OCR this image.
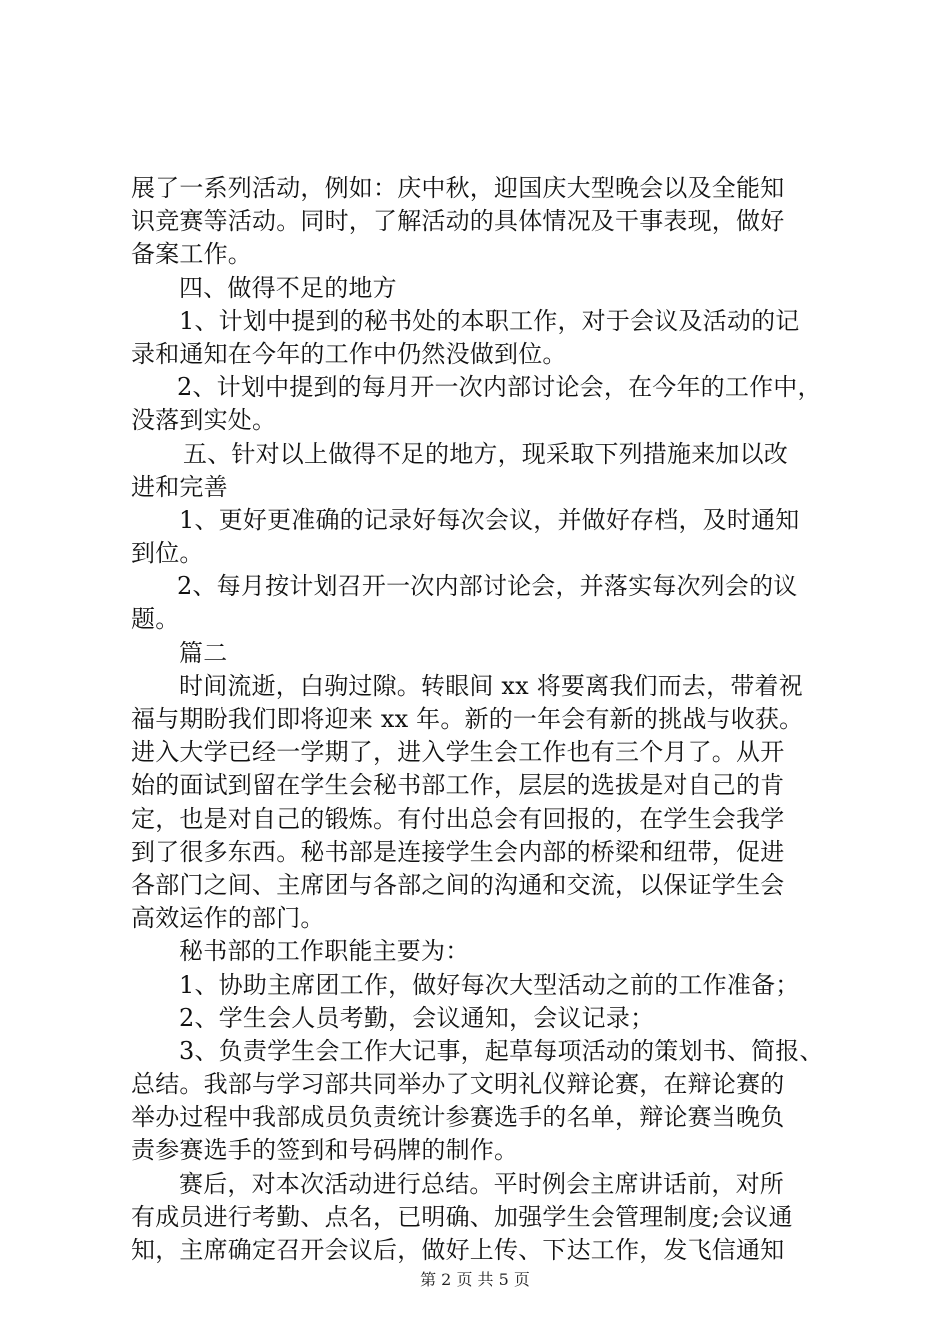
展了一系列活动，例如：庆中秋，迎国庆大型晚会以及全能知
识竞赛等活动。同时，了解活动的具体情况及干事表现，做好
备案工作。
四、做得不足的地方
1、计划中提到的秘书处的本职工作，对于会议及活动的记
录和通知在今年的工作中仍然没做到位。
2、计划中提到的每月开一次内部讨论会，在今年的工作中，
没落到实处。
五、针对以上做得不足的地方，现采取下列措施来加以改
进和完善
1、更好更准确的记录好每次会议，并做好存档，及时通知
到位。
2、每月按计划召开一次内部讨论会，并落实每次列会的议
题。
篇二
时间流逝，白驹过隙。转眼间 xx 将要离我们而去，带着祝
福与期盼我们即将迎来 xx 年。新的一年会有新的挑战与收获。
进入大学已经一学期了，进入学生会工作也有三个月了。从开
始的面试到留在学生会秘书部工作，层层的选拔是对自己的肯
定，也是对自己的锻炼。有付出总会有回报的，在学生会我学
到了很多东西。秘书部是连接学生会内部的桥梁和纽带，促进
各部门之间、主席团与各部之间的沟通和交流，以保证学生会
高效运作的部门。
秘书部的工作职能主要为：
1、协助主席团工作，做好每次大型活动之前的工作准备；
2、学生会人员考勤，会议通知，会议记录；
3、负责学生会工作大记事，起草每项活动的策划书、简报、
总结。我部与学习部共同举办了文明礼仪辩论赛，在辩论赛的
举办过程中我部成员负责统计参赛选手的名单，辩论赛当晚负
责参赛选手的签到和号码牌的制作。
赛后，对本次活动进行总结。平时例会主席讲话前，对所
有成员进行考勤、点名，已明确、加强学生会管理制度;会议通
知，主席确定召开会议后，做好上传、下达工作，发飞信通知
第 2 页 共 5 页
